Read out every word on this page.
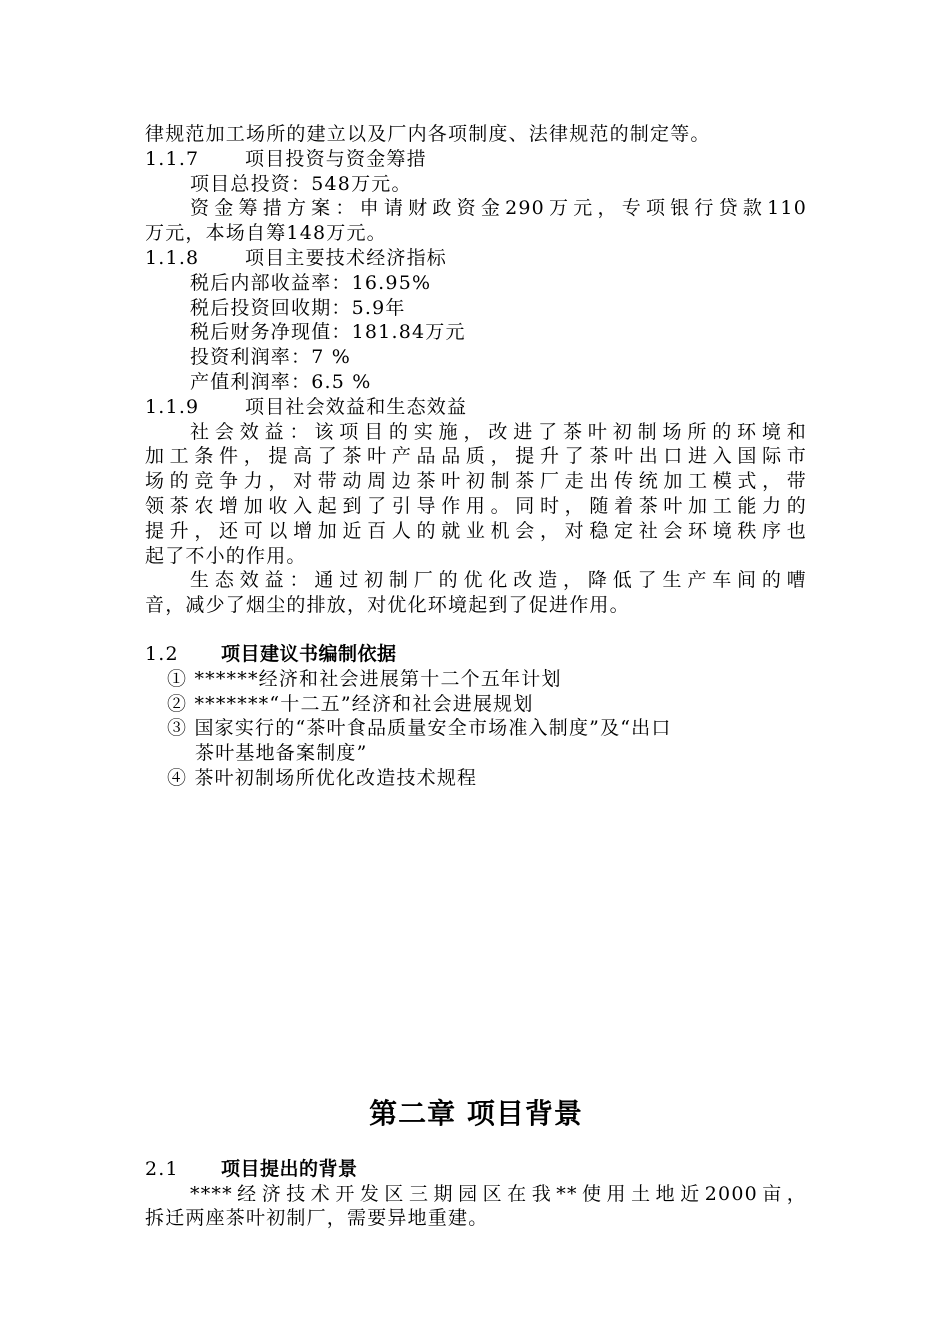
律规范加工场所的建立以及厂内各项制度、法律规范的制定等。
1.1.7 项目投资与资金筹措
项目总投资：548万元。
资金筹措方案：申请财政资金290万元，专项银行贷款110
万元，本场自筹148万元。
1.1.8 项目主要技术经济指标
税后内部收益率：16.95%
税后投资回收期：5.9年
税后财务净现值：181.84万元
投资利润率：7 %
产值利润率：6.5 %
1.1.9 项目社会效益和生态效益
社会效益：该项目的实施，改进了茶叶初制场所的环境和
加工条件，提高了茶叶产品品质，提升了茶叶出口进入国际市
场的竞争力，对带动周边茶叶初制茶厂走出传统加工模式，带
领茶农增加收入起到了引导作用。同时，随着茶叶加工能力的
提升，还可以增加近百人的就业机会，对稳定社会环境秩序也
起了不小的作用。
生态效益：通过初制厂的优化改造，降低了生产车间的嘈
音，减少了烟尘的排放，对优化环境起到了促进作用。
1.2 项目建议书编制依据
① ******经济和社会进展第十二个五年计划
② *******“十二五”经济和社会进展规划
③ 国家实行的“茶叶食品质量安全市场准入制度”及“出口
茶叶基地备案制度”
④ 茶叶初制场所优化改造技术规程
第二章 项目背景
2.1 项目提出的背景
****经济技术开发区三期园区在我**使用土地近2000亩，
拆迁两座茶叶初制厂，需要异地重建。
